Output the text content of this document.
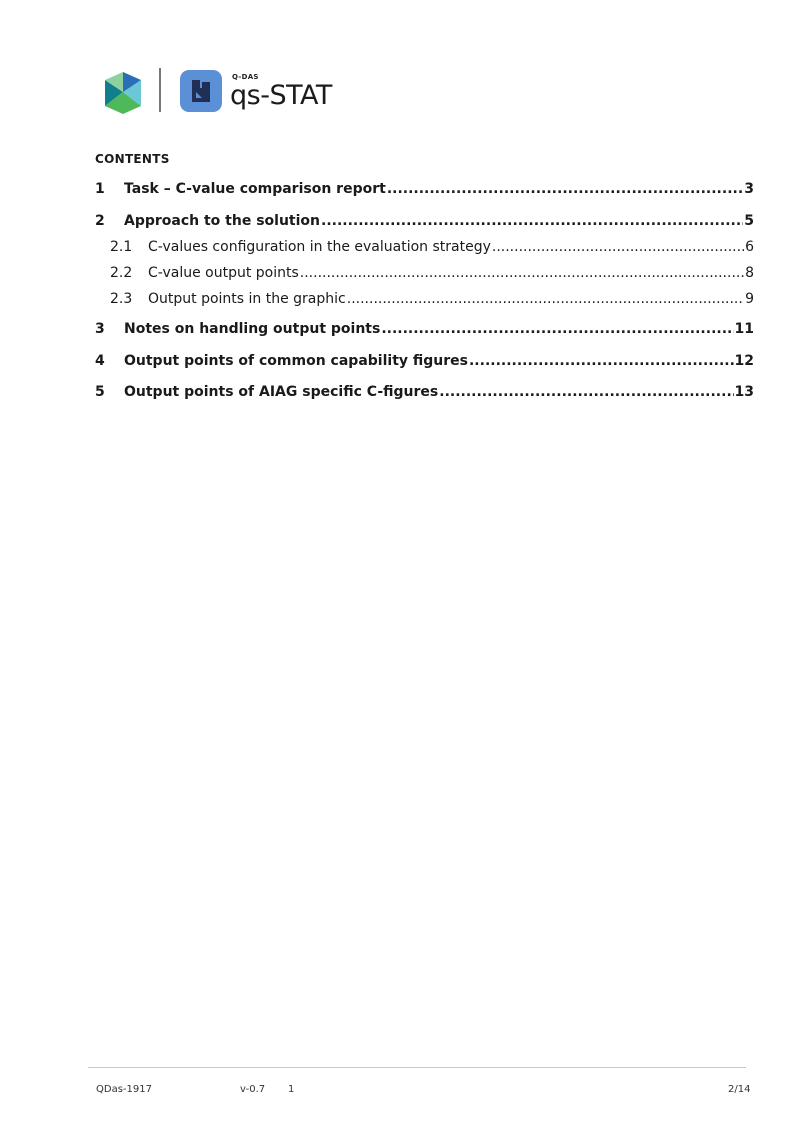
Q-DAS
qs-STAT
CONTENTS
1	Task – C-value comparison report .....	3
2	Approach to the solution .....	5
2.1	C-values configuration in the evaluation strategy .....	6
2.2	C-value output points .....	8
2.3	Output points in the graphic .....	9
3	Notes on handling output points .....	11
4	Output points of common capability figures .....	12
5	Output points of AIAG specific C-figures .....	13
QDas-1917	v-0.7 1	2/14
